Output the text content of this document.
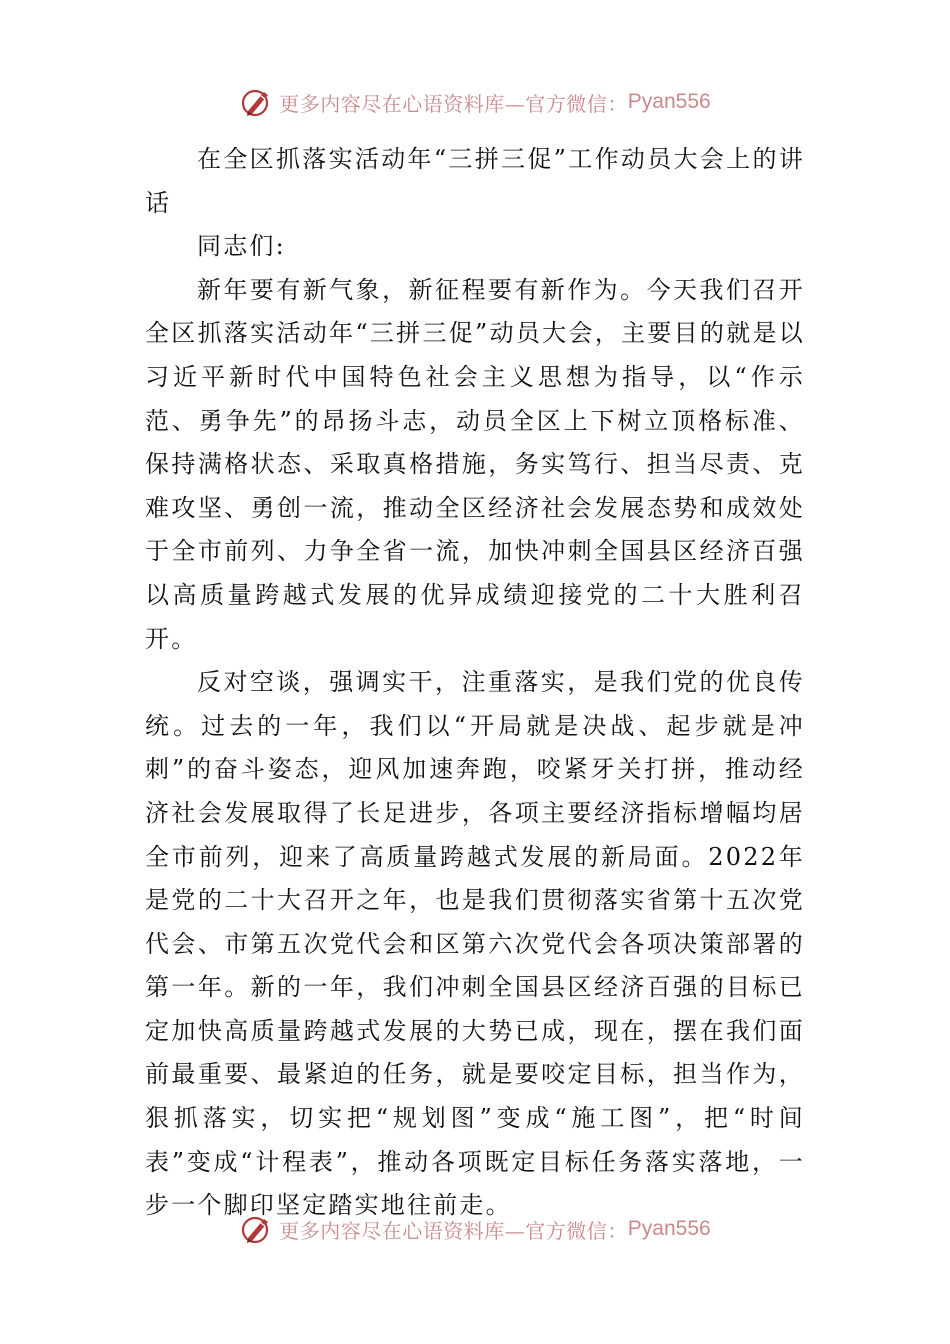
更多内容尽在心语资料库—官方微信： Pyan556

在全区抓落实活动年“三拼三促”工作动员大会上的讲话

同志们:

新年要有新气象，新征程要有新作为。今天我们召开全区抓落实活动年“三拼三促”动员大会，主要目的就是以习近平新时代中国特色社会主义思想为指导，以“作示范、勇争先”的昂扬斗志，动员全区上下树立顶格标准、保持满格状态、采取真格措施，务实笃行、担当尽责、克难攻坚、勇创一流，推动全区经济社会发展态势和成效处于全市前列、力争全省一流，加快冲刺全国县区经济百强以高质量跨越式发展的优异成绩迎接党的二十大胜利召开。

反对空谈，强调实干，注重落实，是我们党的优良传统。过去的一年，我们以“开局就是决战、起步就是冲刺”的奋斗姿态，迎风加速奔跑，咬紧牙关打拼，推动经济社会发展取得了长足进步，各项主要经济指标增幅均居全市前列，迎来了高质量跨越式发展的新局面。2022年是党的二十大召开之年，也是我们贯彻落实省第十五次党代会、市第五次党代会和区第六次党代会各项决策部署的第一年。新的一年，我们冲刺全国县区经济百强的目标已定加快高质量跨越式发展的大势已成，现在，摆在我们面前最重要、最紧迫的任务，就是要咬定目标，担当作为，狠抓落实，切实把“规划图”变成“施工图”，把“时间表”变成“计程表”，推动各项既定目标任务落实落地，一步一个脚印坚定踏实地往前走。

更多内容尽在心语资料库—官方微信： Pyan556
